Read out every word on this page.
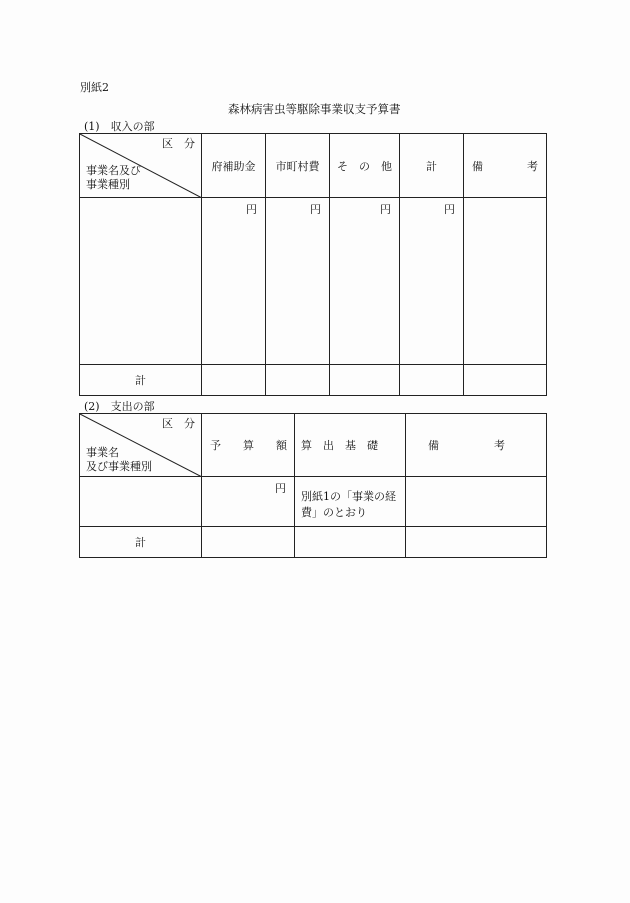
別紙2
森林病害虫等駆除事業収支予算書
(1)　収入の部
区　分
事業名及び
事業種別	府補助金	市町村費	そ　の　他	計	備　　　　考
	円	円	円	円	
計					
(2)　支出の部
区　分
事業名
及び事業種別	予　　算　　額	算　出　基　礎	備　　　　　考
	円	別紙1の「事業の経費」のとおり	
計			
